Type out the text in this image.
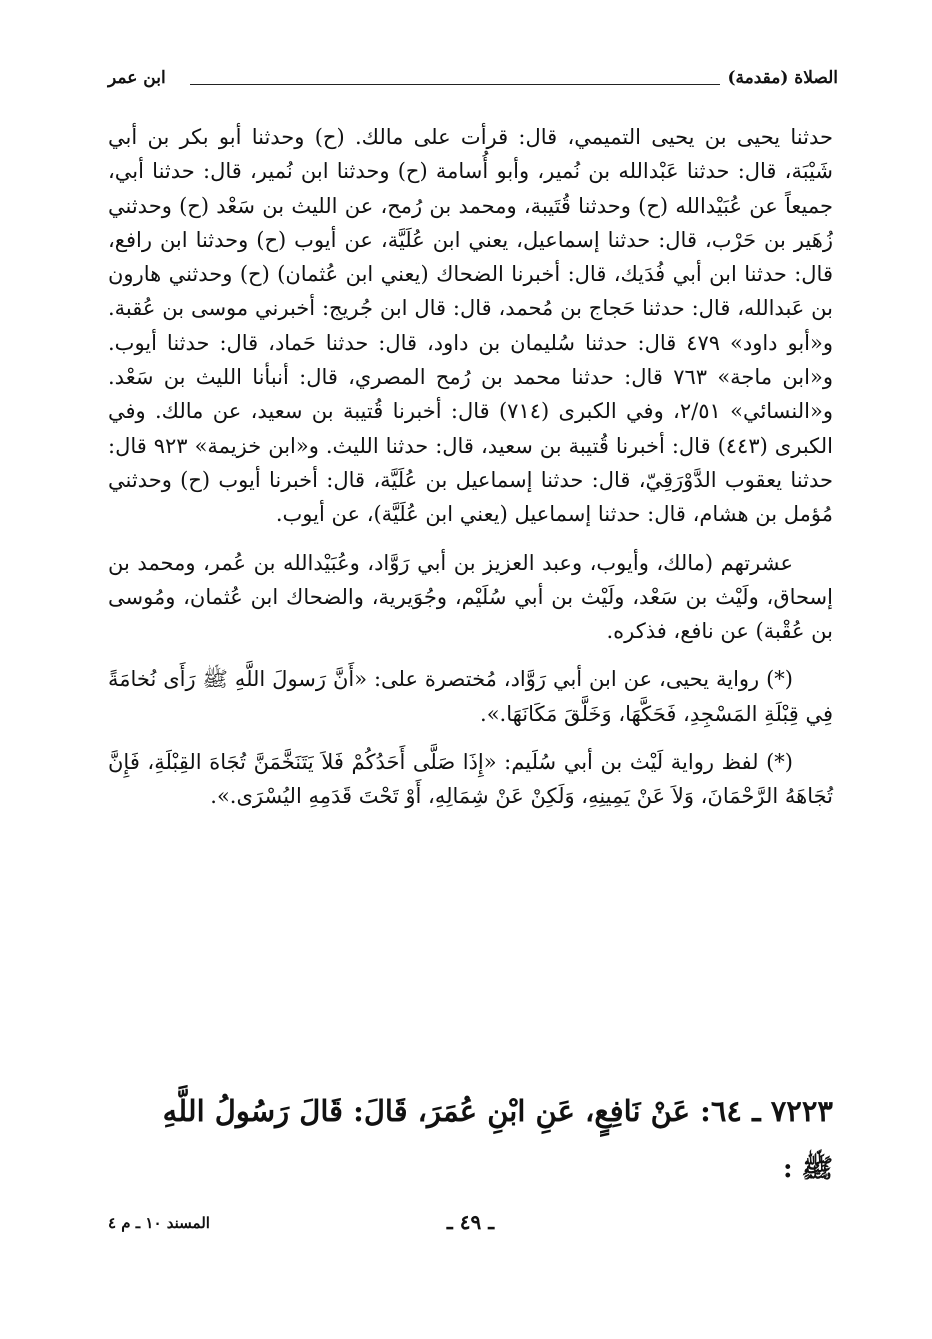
الصلاة (مقدمة)
ابن عمر

حدثنا يحيى بن يحيى التميمي، قال: قرأت على مالك. (ح) وحدثنا أبو بكر بن أبي شَيْبَة، قال: حدثنا عَبْدالله بن نُمير، وأبو أُسامة (ح) وحدثنا ابن نُمير، قال: حدثنا أبي، جميعاً عن عُبَيْدالله (ح) وحدثنا قُتَيبة، ومحمد بن رُمح، عن الليث بن سَعْد (ح) وحدثني زُهَير بن حَرْب، قال: حدثنا إسماعيل، يعني ابن عُلَيَّة، عن أيوب (ح) وحدثنا ابن رافع، قال: حدثنا ابن أبي فُدَيك، قال: أخبرنا الضحاك (يعني ابن عُثمان) (ح) وحدثني هارون بن عَبدالله، قال: حدثنا حَجاج بن مُحمد، قال: قال ابن جُريج: أخبرني موسى بن عُقبة. و«أبو داود» ٤٧٩ قال: حدثنا سُليمان بن داود، قال: حدثنا حَماد، قال: حدثنا أيوب. و«ابن ماجة» ٧٦٣ قال: حدثنا محمد بن رُمح المصري، قال: أنبأنا الليث بن سَعْد. و«النسائي» ٢/٥١، وفي الكبرى (٧١٤) قال: أخبرنا قُتيبة بن سعيد، عن مالك. وفي الكبرى (٤٤٣) قال: أخبرنا قُتيبة بن سعيد، قال: حدثنا الليث. و«ابن خزيمة» ٩٢٣ قال: حدثنا يعقوب الدَّوْرَقِيّ، قال: حدثنا إسماعيل بن عُلَيَّة، قال: أخبرنا أيوب (ح) وحدثني مُؤمل بن هشام، قال: حدثنا إسماعيل (يعني ابن عُلَيَّة)، عن أيوب.

عشرتهم (مالك، وأيوب، وعبد العزيز بن أبي رَوَّاد، وعُبَيْدالله بن عُمر، ومحمد بن إسحاق، ولَيْث بن سَعْد، ولَيْث بن أبي سُلَيْم، وجُوَيرية، والضحاك ابن عُثمان، ومُوسى بن عُقْبة) عن نافع، فذكره.

(*) رواية يحيى، عن ابن أبي رَوَّاد، مُختصرة على: «أَنَّ رَسولَ اللَّهِ ﷺ رَأَى نُخامَةً فِي قِبْلَةِ المَسْجِدِ، فَحَكَّهَا، وَخَلَّقَ مَكَانَهَا.».

(*) لفظ رواية لَيْث بن أبي سُلَيم: «إِذَا صَلَّى أَحَدُكُمْ فَلاَ يَتَنَخَّمَنَّ تُجَاهَ القِبْلَةِ، فَإِنَّ تُجَاهَهُ الرَّحْمَانَ، وَلاَ عَنْ يَمِينِهِ، وَلَكِنْ عَنْ شِمَالِهِ، أَوْ تَحْتَ قَدَمِهِ اليُسْرَى.».

٧٢٢٣ ـ ٦٤: عَنْ نَافِعٍ، عَنِ ابْنِ عُمَرَ، قَالَ: قَالَ رَسُولُ اللَّهِ
ﷺ :
ـ ٤٩ ـ
المسند ١٠ ـ م ٤
